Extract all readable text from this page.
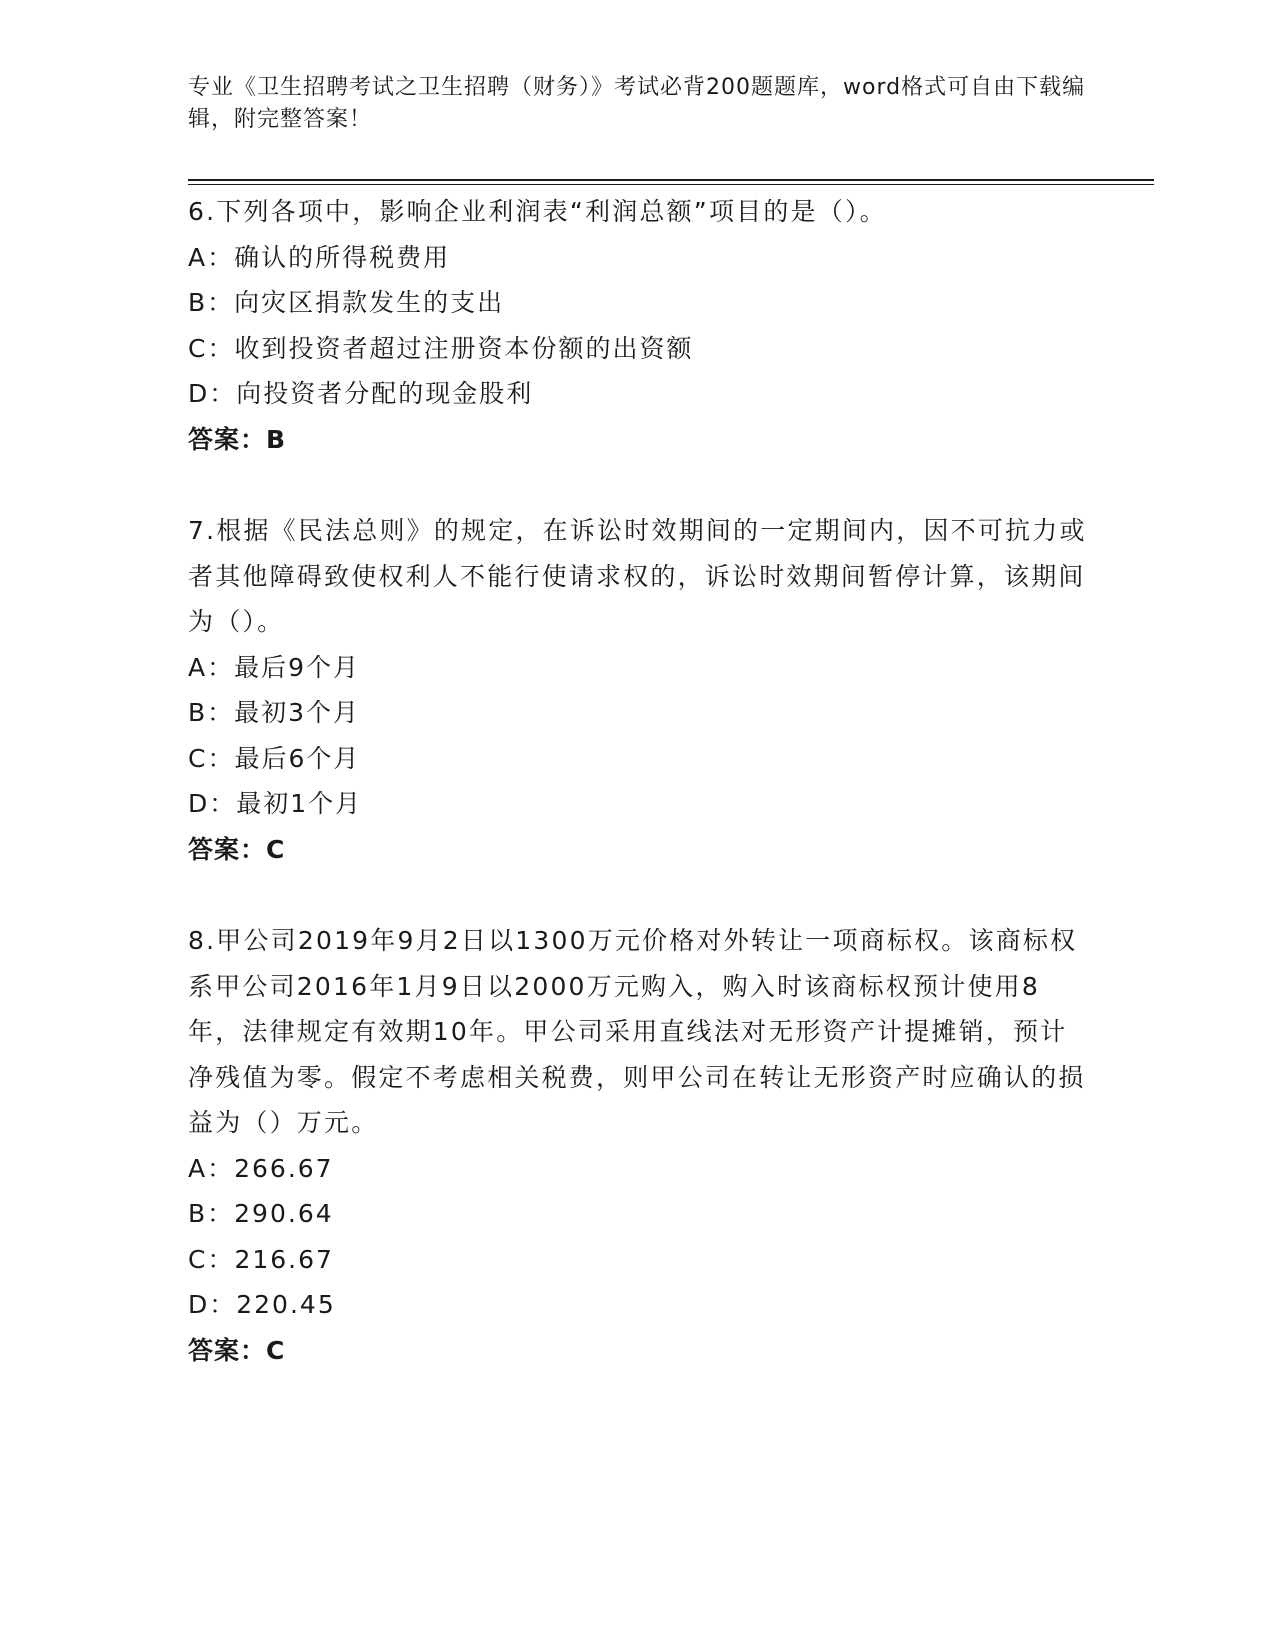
专业《卫生招聘考试之卫生招聘（财务）》考试必背200题题库，word格式可自由下载编辑，附完整答案！

6.下列各项中，影响企业利润表“利润总额”项目的是（）。

A：确认的所得税费用

B：向灾区捐款发生的支出

C：收到投资者超过注册资本份额的出资额

D：向投资者分配的现金股利

答案：B

7.根据《民法总则》的规定，在诉讼时效期间的一定期间内，因不可抗力或者其他障碍致使权利人不能行使请求权的，诉讼时效期间暂停计算，该期间为（）。

A：最后9个月

B：最初3个月

C：最后6个月

D：最初1个月

答案：C

8.甲公司2019年9月2日以1300万元价格对外转让一项商标权。该商标权系甲公司2016年1月9日以2000万元购入，购入时该商标权预计使用8年，法律规定有效期10年。甲公司采用直线法对无形资产计提摊销，预计净残值为零。假定不考虑相关税费，则甲公司在转让无形资产时应确认的损益为（）万元。

A：266.67

B：290.64

C：216.67

D：220.45

答案：C
